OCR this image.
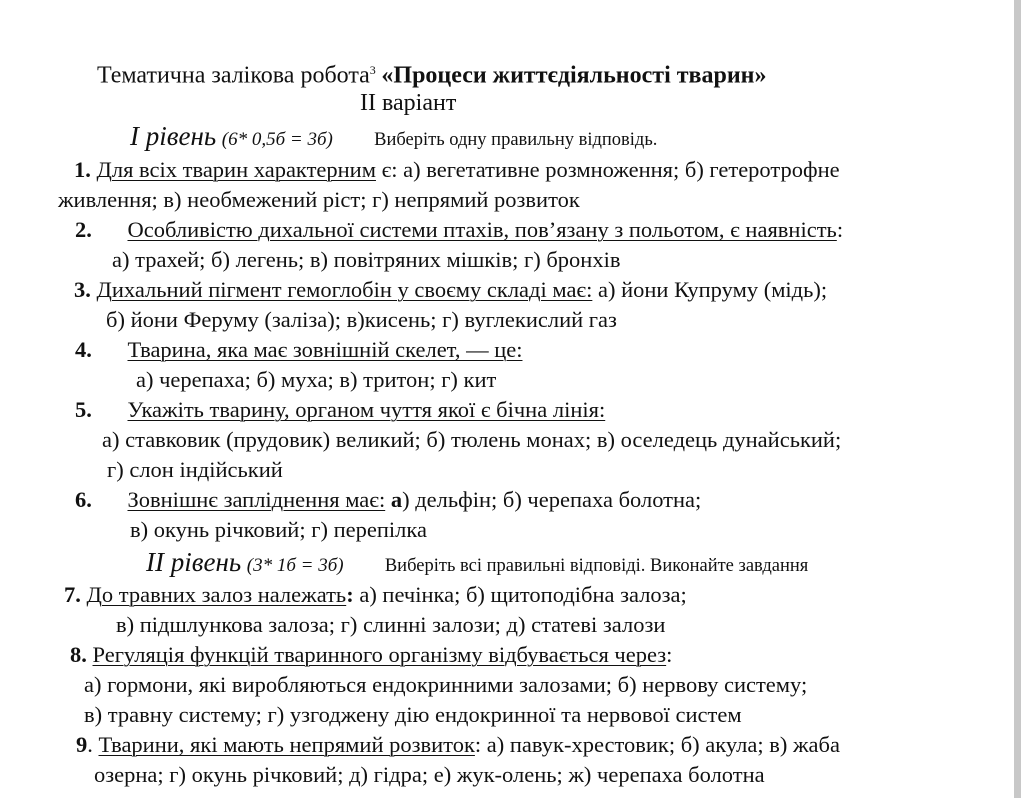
Тематична залікова робота$^3$ «Процеси життєдіяльності тварин»
ІІ варіант
І рівень (6* 0,5б = 3б) Виберіть одну правильну відповідь.
1. Для всіх тварин характерним є: а) вегетативне розмноження; б) гетеротрофне
живлення; в) необмежений ріст; г) непрямий розвиток
2. Особливістю дихальної системи птахів, пов’язану з польотом, є наявність:
а) трахей; б) легень; в) повітряних мішків; г) бронхів
3. Дихальний пігмент гемоглобін у своєму складі має: а) йони Купруму (мідь);
б) йони Феруму (заліза); в)кисень; г) вуглекислий газ
4. Тварина, яка має зовнішній скелет, — це:
а) черепаха; б) муха; в) тритон; г) кит
5. Укажіть тварину, органом чуття якої є бічна лінія:
а) ставковик (прудовик) великий; б) тюлень монах; в) оселедець дунайський;
г) слон індійський
6. Зовнішнє запліднення має: а) дельфін; б) черепаха болотна;
в) окунь річковий; г) перепілка
ІІ рівень (3* 1б = 3б) Виберіть всі правильні відповіді. Виконайте завдання
7. До травних залоз належать: а) печінка; б) щитоподібна залоза;
в) підшлункова залоза; г) слинні залози; д) статеві залози
8. Регуляція функцій тваринного організму відбувається через:
а) гормони, які виробляються ендокринними залозами; б) нервову систему;
в) травну систему; г) узгоджену дію ендокринної та нервової систем
9. Тварини, які мають непрямий розвиток: а) павук-хрестовик; б) акула; в) жаба
озерна; г) окунь річковий; д) гідра; е) жук-олень; ж) черепаха болотна
